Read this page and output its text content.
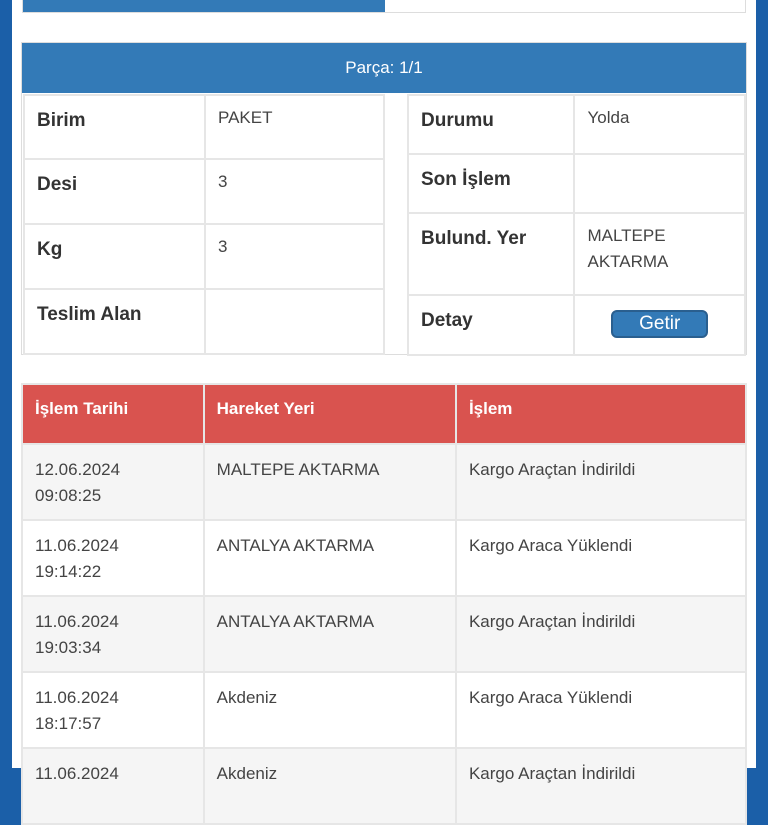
Parça: 1/1
Birim	PAKET
Desi	3
Kg	3
Teslim Alan	
Durumu	Yolda
Son İşlem	
Bulund. Yer	MALTEPE AKTARMA
Detay	Getir
İşlem Tarihi	Hareket Yeri	İşlem
12.06.2024
09:08:25	MALTEPE AKTARMA	Kargo Araçtan İndirildi
11.06.2024
19:14:22	ANTALYA AKTARMA	Kargo Araca Yüklendi
11.06.2024
19:03:34	ANTALYA AKTARMA	Kargo Araçtan İndirildi
11.06.2024
18:17:57	Akdeniz	Kargo Araca Yüklendi
11.06.2024	Akdeniz	Kargo Araçtan İndirildi
